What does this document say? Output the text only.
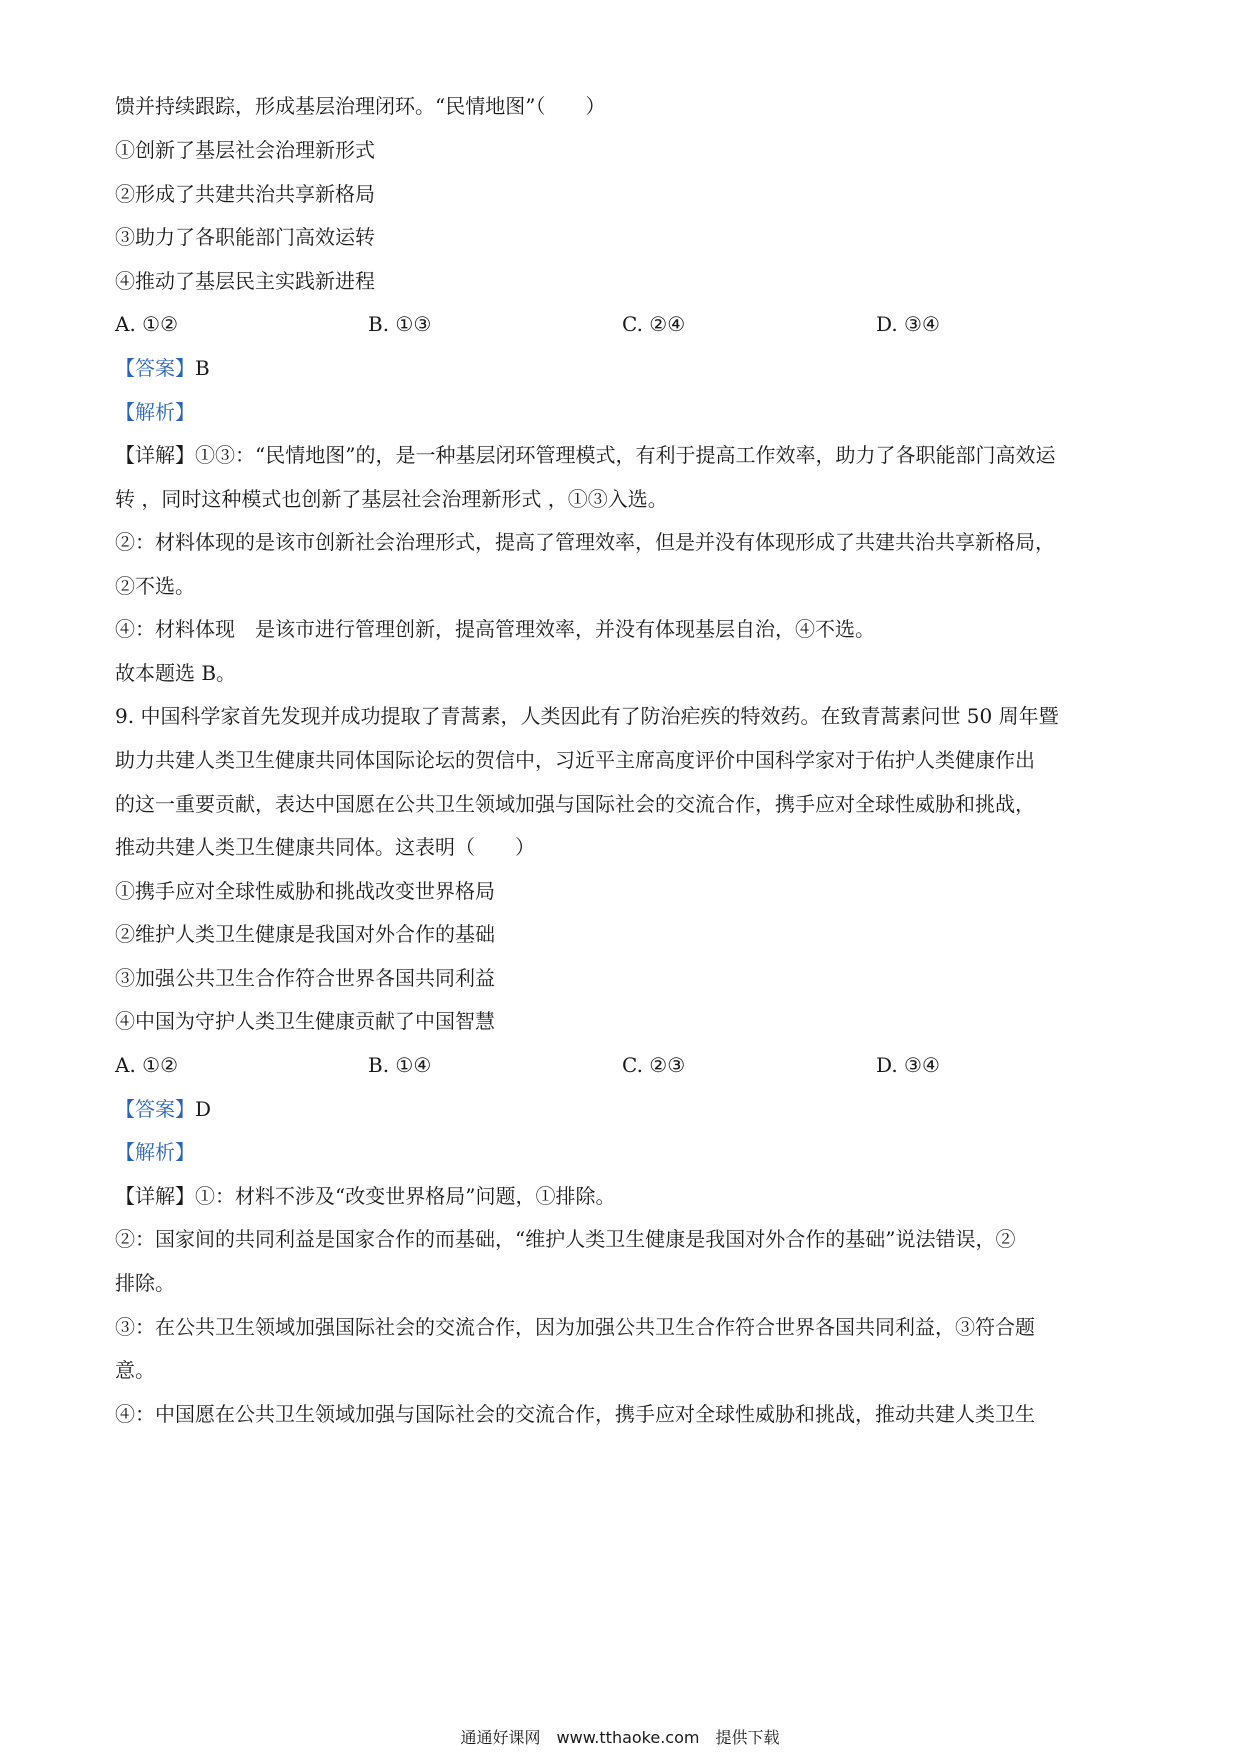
馈并持续跟踪，形成基层治理闭环。“民情地图”（　　）
①创新了基层社会治理新形式
②形成了共建共治共享新格局
③助力了各职能部门高效运转
④推动了基层民主实践新进程
A. ①②	B. ①③	C. ②④	D. ③④
【答案】B
【解析】
【详解】①③：“民情地图”的，是一种基层闭环管理模式，有利于提高工作效率，助力了各职能部门高效运
转 ，同时这种模式也创新了基层社会治理新形式 ，①③入选。
②：材料体现的是该市创新社会治理形式，提高了管理效率，但是并没有体现形成了共建共治共享新格局，
②不选。
④：材料体现　是该市进行管理创新，提高管理效率，并没有体现基层自治，④不选。
故本题选 B。
9. 中国科学家首先发现并成功提取了青蒿素，人类因此有了防治疟疾的特效药。在致青蒿素问世 50 周年暨
助力共建人类卫生健康共同体国际论坛的贺信中，习近平主席高度评价中国科学家对于佑护人类健康作出
的这一重要贡献，表达中国愿在公共卫生领域加强与国际社会的交流合作，携手应对全球性威胁和挑战，
推动共建人类卫生健康共同体。这表明（　　）
①携手应对全球性威胁和挑战改变世界格局
②维护人类卫生健康是我国对外合作的基础
③加强公共卫生合作符合世界各国共同利益
④中国为守护人类卫生健康贡献了中国智慧
A. ①②	B. ①④	C. ②③	D. ③④
【答案】D
【解析】
【详解】①：材料不涉及“改变世界格局”问题，①排除。
②：国家间的共同利益是国家合作的而基础，“维护人类卫生健康是我国对外合作的基础”说法错误，②
排除。
③：在公共卫生领域加强国际社会的交流合作，因为加强公共卫生合作符合世界各国共同利益，③符合题
意。
④：中国愿在公共卫生领域加强与国际社会的交流合作，携手应对全球性威胁和挑战，推动共建人类卫生
通通好课网　www.tthaoke.com　提供下载
